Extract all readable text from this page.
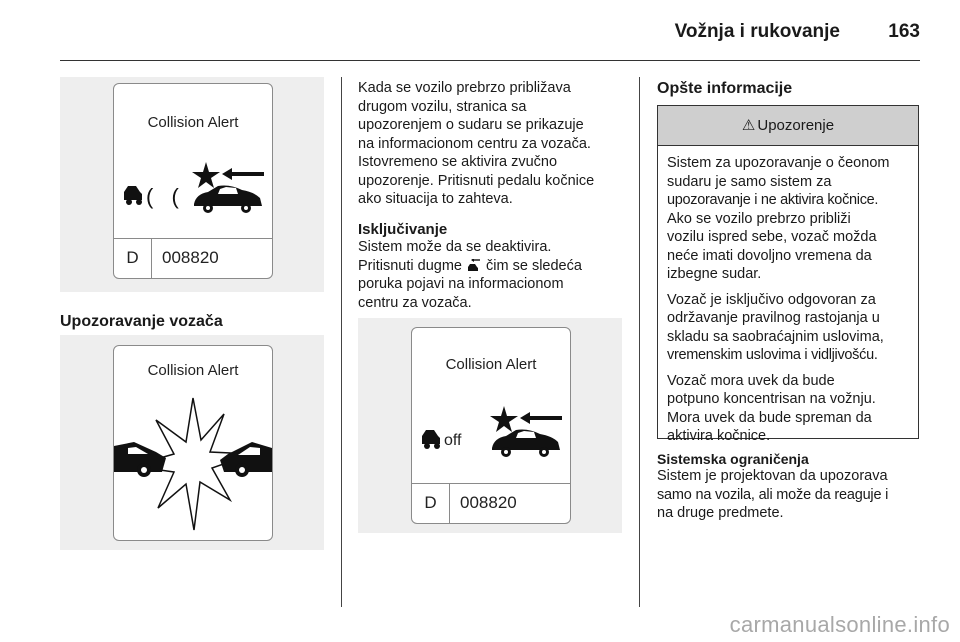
Vožnja i rukovanje	163
Collision Alert
( (
D	008820
Upozoravanje vozača
Collision Alert
Kada se vozilo prebrzo približava
drugom vozilu, stranica sa
upozorenjem o sudaru se prikazuje
na informacionom centru za vozača.
Istovremeno se aktivira zvučno
upozorenje. Pritisnuti pedalu kočnice
ako situacija to zahteva.
Isključivanje
Sistem može da se deaktivira.
Pritisnuti dugme čim se sledeća
poruka pojavi na informacionom
centru za vozača.
Collision Alert
off
D	008820
Opšte informacije
⚠ Upozorenje

Sistem za upozoravanje o čeonom
sudaru je samo sistem za
upozoravanje i ne aktivira kočnice.
Ako se vozilo prebrzo približi
vozilu ispred sebe, vozač možda
neće imati dovoljno vremena da
izbegne sudar.

Vozač je isključivo odgovoran za
održavanje pravilnog rastojanja u
skladu sa saobraćajnim uslovima,
vremenskim uslovima i vidljivošću.

Vozač mora uvek da bude
potpuno koncentrisan na vožnju.
Mora uvek da bude spreman da
aktivira kočnice.

Sistemska ograničenja
Sistem je projektovan da upozorava
samo na vozila, ali može da reaguje i
na druge predmete.
carmanualsonline.info
